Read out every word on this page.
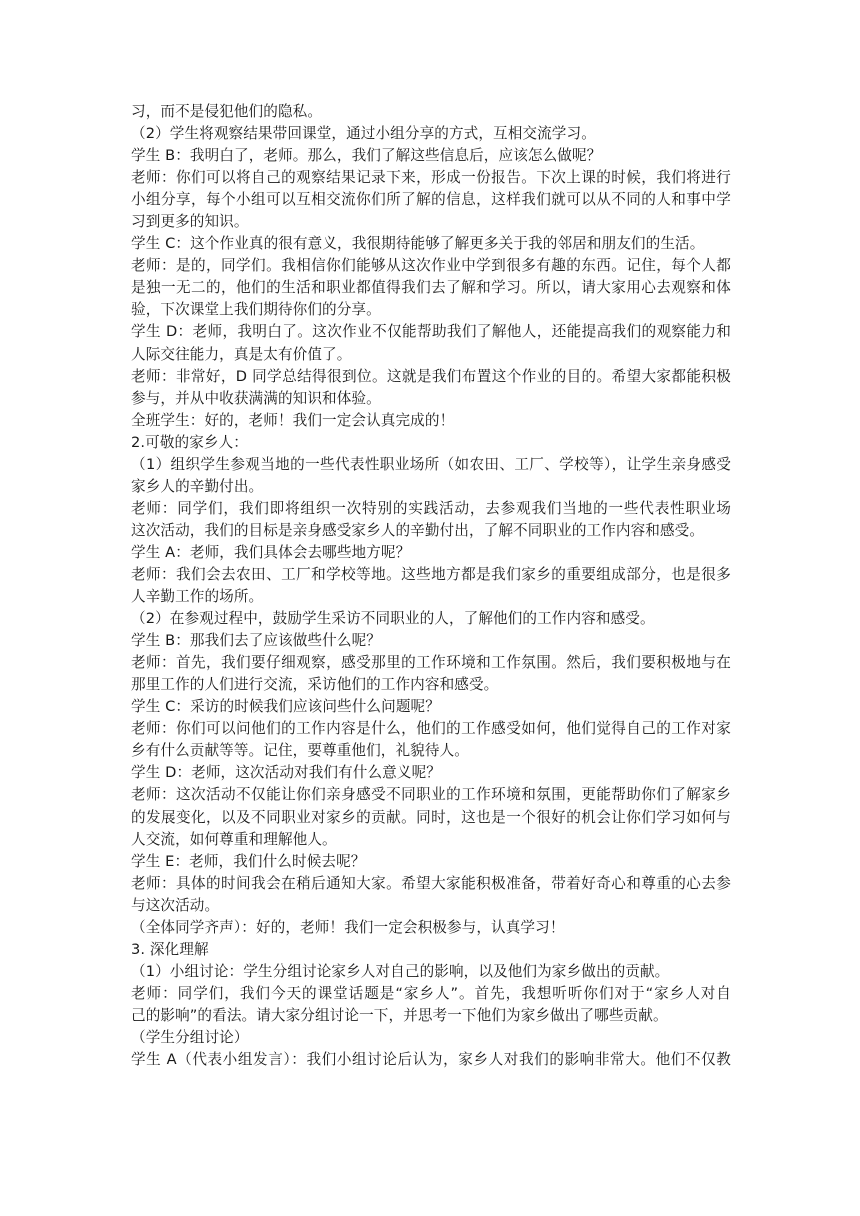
习，而不是侵犯他们的隐私。
（2）学生将观察结果带回课堂，通过小组分享的方式，互相交流学习。
学生 B：我明白了，老师。那么，我们了解这些信息后，应该怎么做呢？
老师：你们可以将自己的观察结果记录下来，形成一份报告。下次上课的时候，我们将进行
小组分享，每个小组可以互相交流你们所了解的信息，这样我们就可以从不同的人和事中学
习到更多的知识。
学生 C：这个作业真的很有意义，我很期待能够了解更多关于我的邻居和朋友们的生活。
老师：是的，同学们。我相信你们能够从这次作业中学到很多有趣的东西。记住，每个人都
是独一无二的，他们的生活和职业都值得我们去了解和学习。所以，请大家用心去观察和体
验，下次课堂上我们期待你们的分享。
学生 D：老师，我明白了。这次作业不仅能帮助我们了解他人，还能提高我们的观察能力和
人际交往能力，真是太有价值了。
老师：非常好，D 同学总结得很到位。这就是我们布置这个作业的目的。希望大家都能积极
参与，并从中收获满满的知识和体验。
全班学生：好的，老师！我们一定会认真完成的！
2.可敬的家乡人：
（1）组织学生参观当地的一些代表性职业场所（如农田、工厂、学校等），让学生亲身感受
家乡人的辛勤付出。
老师：同学们，我们即将组织一次特别的实践活动，去参观我们当地的一些代表性职业场
这次活动，我们的目标是亲身感受家乡人的辛勤付出，了解不同职业的工作内容和感受。
学生 A：老师，我们具体会去哪些地方呢？
老师：我们会去农田、工厂和学校等地。这些地方都是我们家乡的重要组成部分，也是很多
人辛勤工作的场所。
（2）在参观过程中，鼓励学生采访不同职业的人，了解他们的工作内容和感受。
学生 B：那我们去了应该做些什么呢？
老师：首先，我们要仔细观察，感受那里的工作环境和工作氛围。然后，我们要积极地与在
那里工作的人们进行交流，采访他们的工作内容和感受。
学生 C：采访的时候我们应该问些什么问题呢？
老师：你们可以问他们的工作内容是什么，他们的工作感受如何，他们觉得自己的工作对家
乡有什么贡献等等。记住，要尊重他们，礼貌待人。
学生 D：老师，这次活动对我们有什么意义呢？
老师：这次活动不仅能让你们亲身感受不同职业的工作环境和氛围，更能帮助你们了解家乡
的发展变化，以及不同职业对家乡的贡献。同时，这也是一个很好的机会让你们学习如何与
人交流，如何尊重和理解他人。
学生 E：老师，我们什么时候去呢？
老师：具体的时间我会在稍后通知大家。希望大家能积极准备，带着好奇心和尊重的心去参
与这次活动。
（全体同学齐声）：好的，老师！我们一定会积极参与，认真学习！
3. 深化理解
（1）小组讨论：学生分组讨论家乡人对自己的影响，以及他们为家乡做出的贡献。
老师：同学们，我们今天的课堂话题是“家乡人”。首先，我想听听你们对于“家乡人对自
己的影响”的看法。请大家分组讨论一下，并思考一下他们为家乡做出了哪些贡献。
（学生分组讨论）
学生 A（代表小组发言）：我们小组讨论后认为，家乡人对我们的影响非常大。他们不仅教
